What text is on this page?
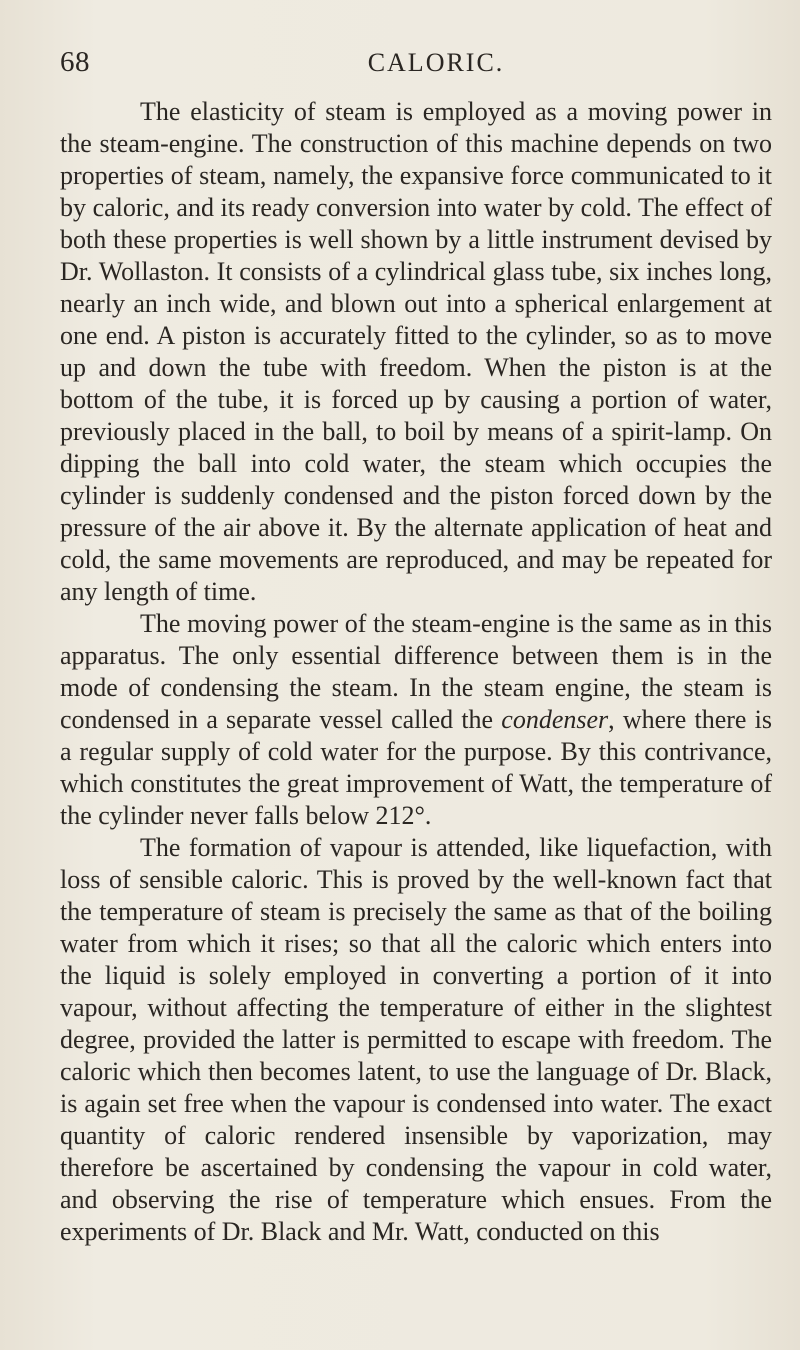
68	CALORIC.

The elasticity of steam is employed as a moving power in the steam-engine. The construction of this machine depends on two properties of steam, namely, the expansive force communicated to it by caloric, and its ready conversion into water by cold. The effect of both these properties is well shown by a little instrument devised by Dr. Wollaston. It consists of a cylindrical glass tube, six inches long, nearly an inch wide, and blown out into a spherical enlargement at one end. A piston is accurately fitted to the cylinder, so as to move up and down the tube with freedom. When the piston is at the bottom of the tube, it is forced up by causing a portion of water, previously placed in the ball, to boil by means of a spirit-lamp. On dipping the ball into cold water, the steam which occupies the cylinder is suddenly condensed and the piston forced down by the pressure of the air above it. By the alternate application of heat and cold, the same movements are reproduced, and may be repeated for any length of time.

The moving power of the steam-engine is the same as in this apparatus. The only essential difference between them is in the mode of condensing the steam. In the steam engine, the steam is condensed in a separate vessel called the condenser, where there is a regular supply of cold water for the purpose. By this contrivance, which constitutes the great improvement of Watt, the temperature of the cylinder never falls below 212°.

The formation of vapour is attended, like liquefaction, with loss of sensible caloric. This is proved by the well-known fact that the temperature of steam is precisely the same as that of the boiling water from which it rises; so that all the caloric which enters into the liquid is solely employed in converting a portion of it into vapour, without affecting the temperature of either in the slightest degree, provided the latter is permitted to escape with freedom. The caloric which then becomes latent, to use the language of Dr. Black, is again set free when the vapour is condensed into water. The exact quantity of caloric rendered insensible by vaporization, may therefore be ascertained by condensing the vapour in cold water, and observing the rise of temperature which ensues. From the experiments of Dr. Black and Mr. Watt, conducted on this
